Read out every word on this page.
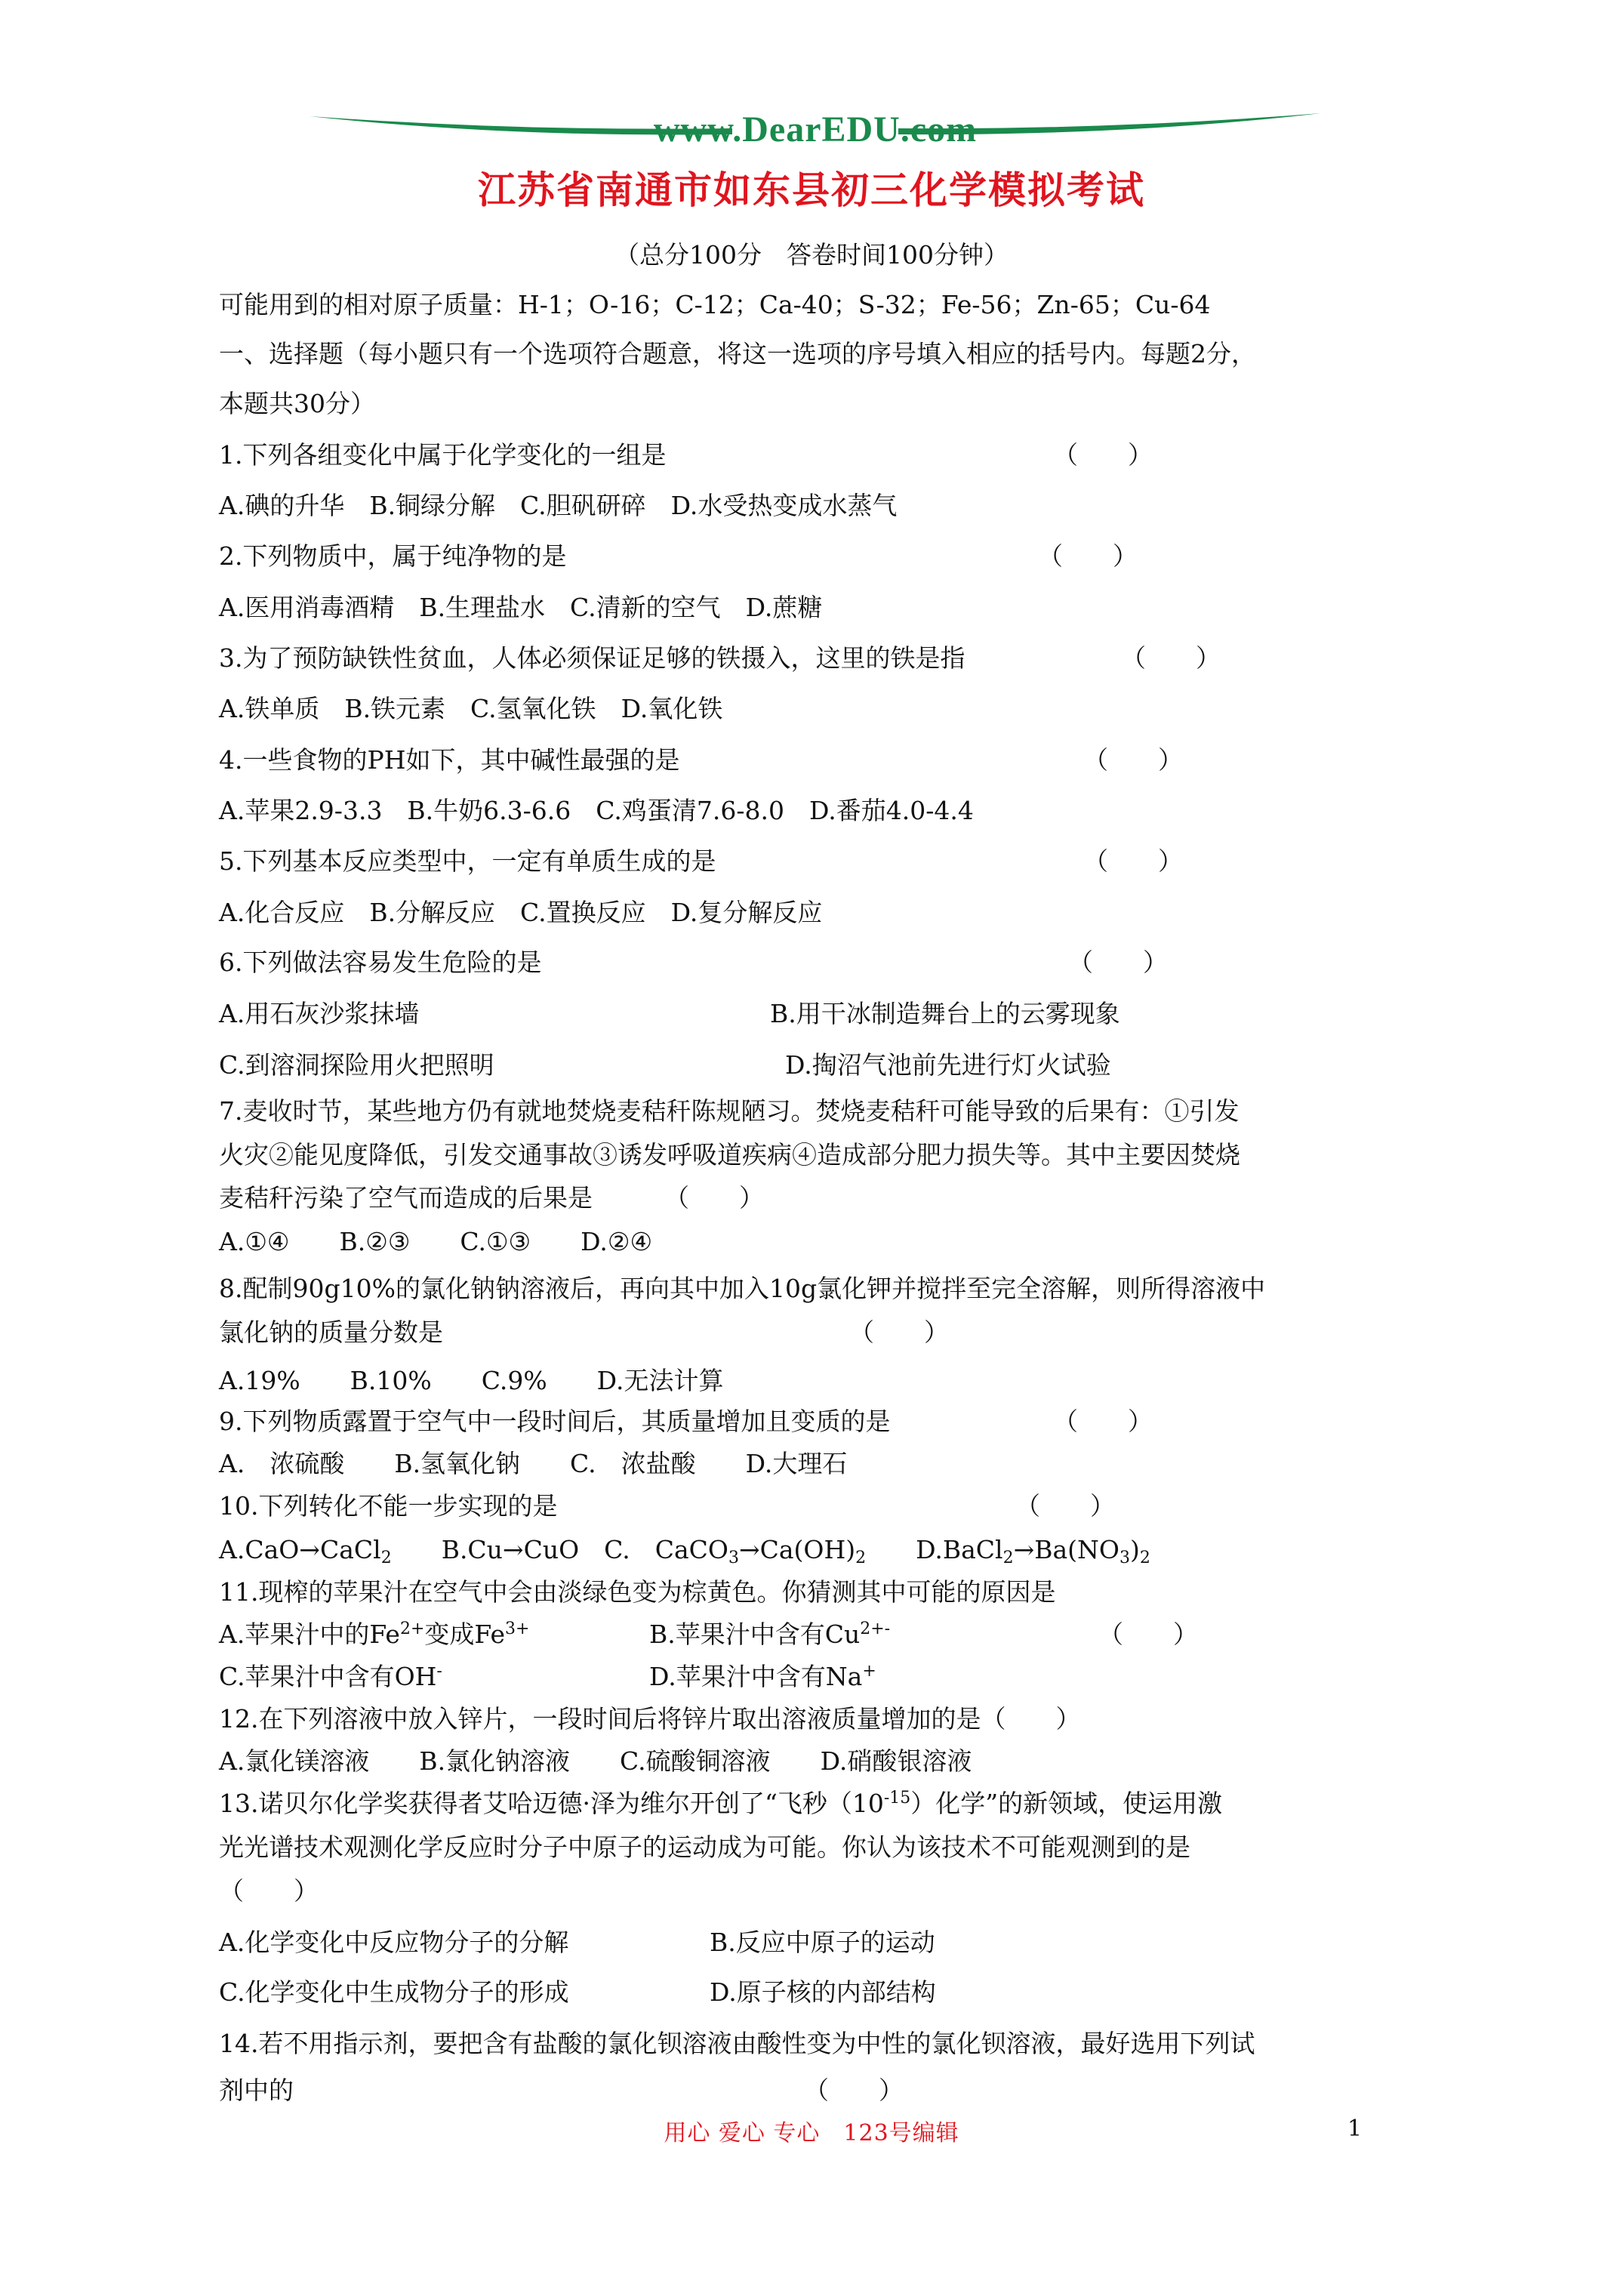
www.DearEDU.com
江苏省南通市如东县初三化学模拟考试
（总分100分　答卷时间100分钟）
可能用到的相对原子质量：H-1；O-16；C-12；Ca-40；S-32；Fe-56；Zn-65；Cu-64
一、选择题（每小题只有一个选项符合题意，将这一选项的序号填入相应的括号内。每题2分，
本题共30分）
1.下列各组变化中属于化学变化的一组是	（　　）
A.碘的升华　B.铜绿分解　C.胆矾研碎　D.水受热变成水蒸气
2.下列物质中，属于纯净物的是	（　　）
A.医用消毒酒精　B.生理盐水　C.清新的空气　D.蔗糖
3.为了预防缺铁性贫血，人体必须保证足够的铁摄入，这里的铁是指	（　　）
A.铁单质　B.铁元素　C.氢氧化铁　D.氧化铁
4.一些食物的PH如下，其中碱性最强的是	（　　）
A.苹果2.9-3.3　B.牛奶6.3-6.6　C.鸡蛋清7.6-8.0　D.番茄4.0-4.4
5.下列基本反应类型中，一定有单质生成的是	（　　）
A.化合反应　B.分解反应　C.置换反应　D.复分解反应
6.下列做法容易发生危险的是	（　　）
A.用石灰沙浆抹墙	B.用干冰制造舞台上的云雾现象
C.到溶洞探险用火把照明	D.掏沼气池前先进行灯火试验
7.麦收时节，某些地方仍有就地焚烧麦秸秆陈规陋习。焚烧麦秸秆可能导致的后果有：①引发
火灾②能见度降低，引发交通事故③诱发呼吸道疾病④造成部分肥力损失等。其中主要因焚烧
麦秸秆污染了空气而造成的后果是	（　　）
A.①④　　B.②③　　C.①③　　D.②④
8.配制90g10%的氯化钠钠溶液后，再向其中加入10g氯化钾并搅拌至完全溶解，则所得溶液中
氯化钠的质量分数是	（　　）
A.19%　　B.10%　　C.9%　　D.无法计算
9.下列物质露置于空气中一段时间后，其质量增加且变质的是	（　　）
A.　浓硫酸　　B.氢氧化钠　　C.　浓盐酸　　D.大理石
10.下列转化不能一步实现的是	（　　）
A.CaO→CaCl$_2$　　 B.Cu→CuO　 C.　$CaCO_3\to Ca(OH)_2$　　 $D.BaCl_2\to Ba(NO_3)_2$
11.现榨的苹果汁在空气中会由淡绿色变为棕黄色。你猜测其中可能的原因是
A.苹果汁中的$Fe^{2+}$变成$Fe^{3+}$	B.苹果汁中含有$Cu^{2+-}$	（　　）
C.苹果汁中含有OH-	D.苹果汁中含有Na+
12.在下列溶液中放入锌片，一段时间后将锌片取出溶液质量增加的是（　　）
A.氯化镁溶液　　B.氯化钠溶液　　C.硫酸铜溶液　　D.硝酸银溶液
13.诺贝尔化学奖获得者艾哈迈德·泽为维尔开创了“飞秒$(10^{-15})$化学”的新领域，使运用激
光光谱技术观测化学反应时分子中原子的运动成为可能。你认为该技术不可能观测到的是
（　　）
A.化学变化中反应物分子的分解	B.反应中原子的运动
C.化学变化中生成物分子的形成	D.原子核的内部结构
14.若不用指示剂，要把含有盐酸的氯化钡溶液由酸性变为中性的氯化钡溶液，最好选用下列试
剂中的	（　　）
用心 爱心 专心　123号编辑	1
